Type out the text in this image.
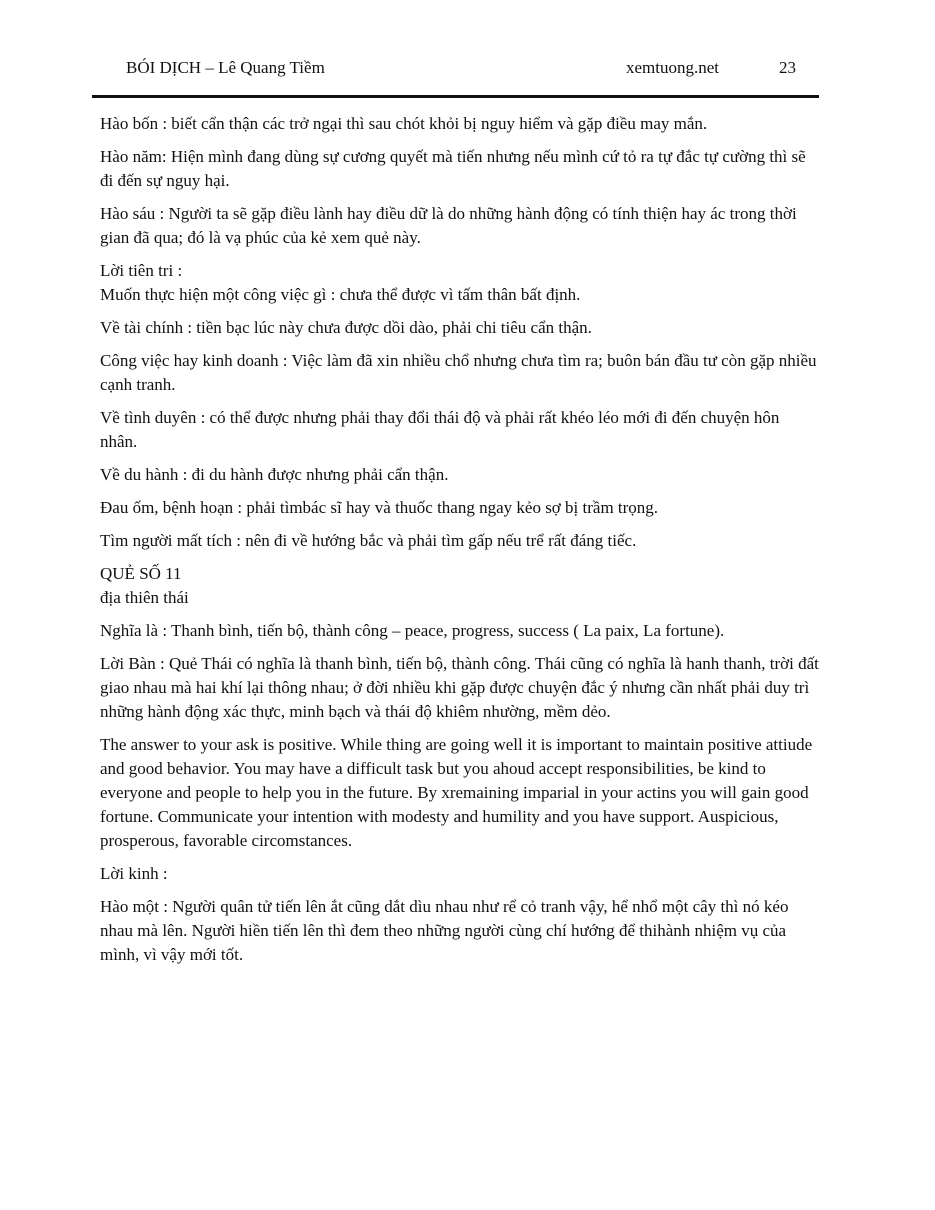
BÓI DỊCH – Lê Quang Tiềm	xemtuong.net	23

Hào bốn : biết cẩn thận các trở ngại thì sau chót khỏi bị nguy hiểm và gặp điều may mắn.

Hào năm: Hiện mình đang dùng sự cương quyết mà tiến nhưng nếu mình cứ tỏ ra tự đắc tự cường thì sẽ đi đến sự nguy hại.

Hào sáu : Người ta sẽ gặp điều lành hay điều dữ là do những hành động có tính thiện hay ác trong thời gian đã qua; đó là vạ phúc của kẻ xem quẻ này.

Lời tiên tri :

Muốn thực hiện một công việc gì : chưa thể được vì tấm thân bất định.

Về tài chính : tiền bạc lúc này chưa được dồi dào, phải chi tiêu cẩn thận.

Công việc hay kinh doanh : Việc làm đã xin nhiều chổ nhưng chưa tìm ra; buôn bán đầu tư còn gặp nhiều cạnh tranh.

Về tình duyên : có thể được nhưng phải thay đổi thái độ và phải rất khéo léo mới đi đến chuyện hôn nhân.

Về du hành : đi du hành được nhưng phải cẩn thận.

Đau ốm, bệnh hoạn : phải tìmbác sĩ hay và thuốc thang ngay kẻo sợ bị trầm trọng.

Tìm người mất tích : nên đi về hướng bắc và phải tìm gấp nếu trể rất đáng tiếc.

QUẺ SỐ 11

địa thiên thái

Nghĩa là : Thanh bình, tiến bộ, thành công – peace, progress, success ( La paix, La fortune).

Lời Bàn : Quẻ Thái có nghĩa là thanh bình, tiến bộ, thành công. Thái cũng có nghĩa là hanh thanh, trời đất giao nhau mà hai khí lại thông nhau; ở đời nhiều khi gặp được chuyện đắc ý nhưng cần nhất phải duy trì những hành động xác thực, minh bạch và thái độ khiêm nhường, mềm dẻo.

The answer to your ask is positive. While thing are going well it is important to maintain positive attiude and good behavior. You may have a difficult task but you ahoud accept responsibilities, be kind to everyone and people to help you in the future. By xremaining imparial in your actins you will gain good fortune. Communicate your intention with modesty and humility and you have support. Auspicious, prosperous, favorable circomstances.

Lời kinh :

Hào một : Người quân tử tiến lên ắt cũng dắt dìu nhau như rể cỏ tranh vậy, hể nhổ một cây thì nó kéo nhau mà lên. Người hiền tiến lên thì đem theo những người cùng chí hướng để thihành nhiệm vụ của mình, vì vậy mới tốt.
